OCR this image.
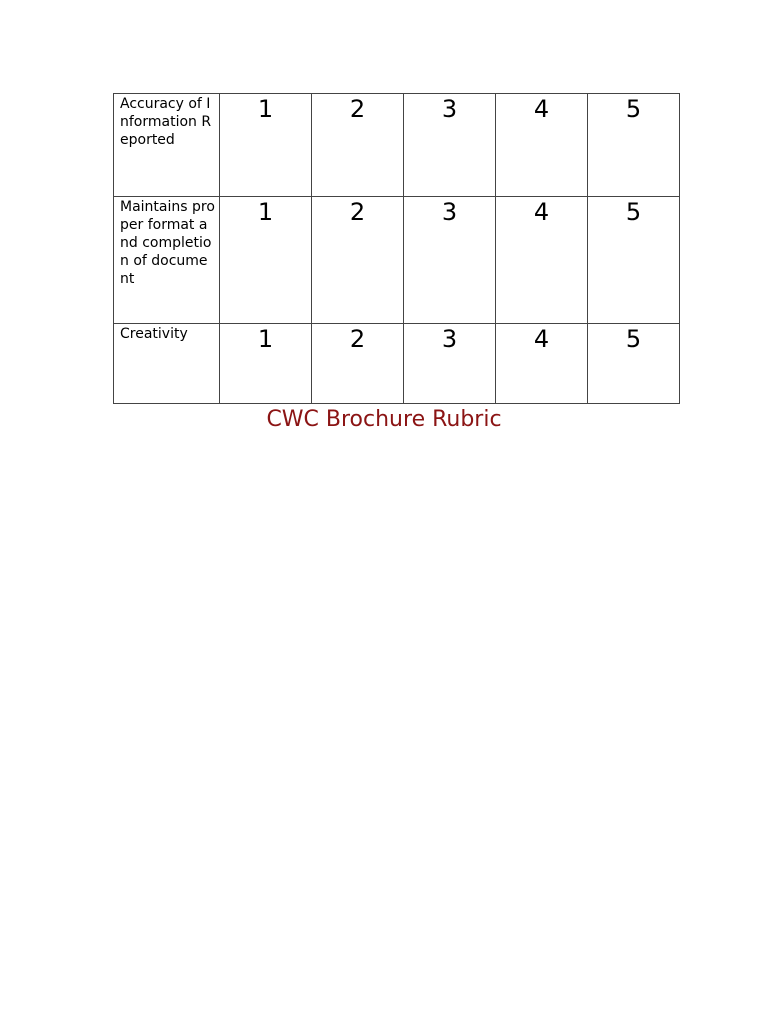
Accuracy of Information Reported	1	2	3	4	5
Maintains proper format and completion of document	1	2	3	4	5
Creativity	1	2	3	4	5
CWC Brochure Rubric
